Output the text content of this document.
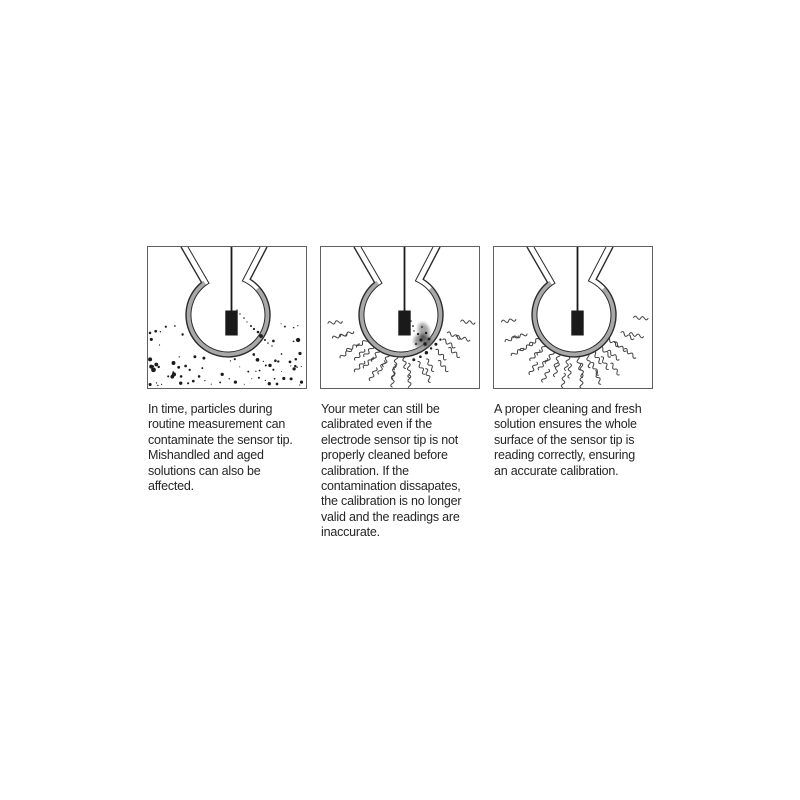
In time, particles during routine measurement can contaminate the sensor tip. Mishandled and aged solutions can also be affected.

Your meter can still be calibrated even if the electrode sensor tip is not properly cleaned before calibration. If the contamination dissapates, the calibration is no longer valid and the readings are inaccurate.

A proper cleaning and fresh solution ensures the whole surface of the sensor tip is reading correctly, ensuring an accurate calibration.
